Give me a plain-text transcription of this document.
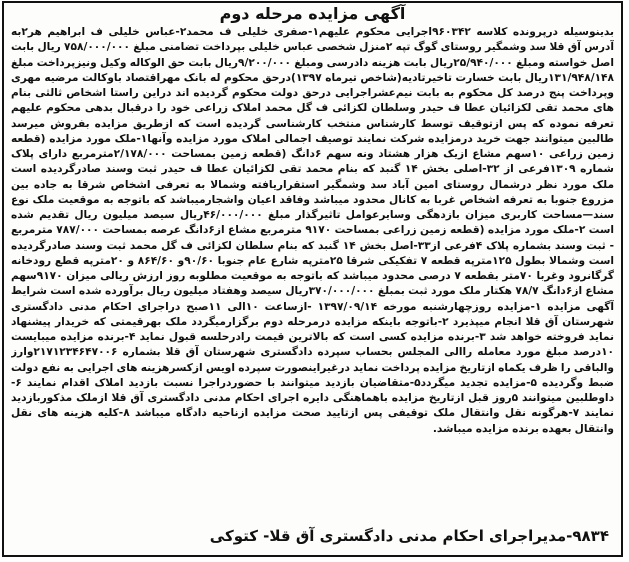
آگهی مزایده مرحله دوم
بدینوسیله درپرونده کلاسه ۹۶۰۳۴۲اجرایی محکوم علیهم۱-صفری خلیلی ف محمد۲-عباس خلیلی ف ابراهیم هر۲به آدرس آق قلا سد وشمگیر روستای گوگ تپه ۲منزل شخصی عباس خلیلی بپرداخت تضامنی مبلغ ۷۵۸/۰۰۰/۰۰۰ ریال بابت اصل خواسته ومبلغ ۲۵/۹۴۰/۰۰۰ریال بابت هزینه دادرسی ومبلغ ۹/۲۰۰/۰۰۰ریال بابت حق الوکاله وکیل ونیزپرداخت مبلغ ۱۳۱/۹۴۸/۱۴۸ریال بابت خسارت تاخیرتادیه(شاخص تیرماه ۱۳۹۷)درحق محکوم له بانک مهراقتصاد باوکالت مرضیه مهری وپرداخت پنج درصد کل محکوم به بابت نیم‌عشراجرایی درحق دولت محکوم گردیده اند دراین راستا اشخاص ثالثی بنام های محمد تقی لکزائیان عطا ف حیدر وسلطان لکزائی ف گل محمد املاک زراعی خود را درقبال بدهی محکوم علیهم تعرفه نموده که پس ازتوقیف توسط کارشناس منتخب کارشناسی گردیده است که ازطریق مزایده بفروش میرسد طالبین میتوانند جهت خرید درمزایده شرکت نمایند توصیف اجمالی املاک مورد مزایده وآنها۱-ملک مورد مزایده (قطعه زمین زراعی ۱۰سهم مشاع ازیک هزار هشتاد ونه سهم ۶دانگ (قطعه زمین بمساحت ۲/۱۷۸/۰۰۰مترمربع دارای پلاک شماره ۱۳۰۹فرعی از ۳۲-اصلی بخش ۱۴ گنبد که بنام محمد تقی لکزائیان عطا ف حیدر ثبت وسند صادرگردیده است ملک مورد نظر درشمال روستای امین آباد سد وشمگیر استقراریافته وشمالا به تعرفی اشخاص شرقا به جاده بین مزروع جنوبا به تعرفه اشخاص غربا به کانال محدود میباشد وفاقد اعیان واشجارمیباشد که باتوجه به موقعیت ملک نوع سند—مساحت کاربری میزان بازدهگی وسایرعوامل تاثیرگذار مبلغ ۴۶/۰۰۰/۰۰۰ریال سیصد میلیون ریال تقدیم شده است ۲-ملک مورد مزایده (قطعه زمین زراعی بمساحت ۹۱۷۰ مترمربع مشاع از۶دانگ عرصه بمساحت ۷۸۷/۰۰۰ مترمربع - ثبت وسند بشماره پلاک ۴فرعی از۳۳-اصل بخش ۱۴ گنبد که بنام سلطان لکزائی ف گل محمد ثبت وسند صادرگردیده است وشمالا بطول ۱۲۵مترپه قطعه ۷ تفکیکی شرقا ۲۵مترپه شارع عام جنوبا ۹۰/۶۰و ۸۶۴/۶۰ و ۲۰مترپه قطع رودخانه گرگانرود وغربا ۷۰متر بقطعه ۷ درصی محدود میباشد که باتوجه به موقعیت مطلوبه روز ارزش ریالی میزان ۹۱۷۰سهم مشاع از۶دانگ ۷۸/۷ هکتار ملک مورد ثبت بمبلغ ۳۷۰/۰۰۰/۰۰۰ریال سیصد وهفتاد میلیون ریال برآورده شده است شرایط آگهی مزایده ۱-مزایده روزچهارشنبه مورخه ۱۳۹۷/۰۹/۱۴ -ازساعت ۱۰الی ۱۱صبح دراجرای احکام مدنی دادگستری شهرستان آق قلا انجام میپذیرد ۲-باتوجه باینکه مزایده درمرحله دوم برگزارمیگردد ملک بهرقیمتی که خریدار پیشنهاد نماید فروخته خواهد شد ۳-برنده مزایده کسی است که بالاترین قیمت رادرحلسه قبول نماید ۴-برنده مزایده میبایست ۱۰درصد مبلغ مورد معامله راالی المجلس بحساب سپرده دادگستری شهرستان آق قلا بشماره ۲۱۷۱۲۳۴۶۴۷۰۰۶وارز والباقی را ظرف یکماه ازتاریخ مزایده پرداخت نماید درغیراینصورت سپرده اویس ازکسرهزینه های اجرایی به نفع دولت ضبط وگردیده ۵-مزایده تجدید میگردد۵-متقاضیان بازدید میتوانند با حضوردراجرا نسبت بازدید املاک اقدام نمایند ۶-داوطلبین میتوانند ۵روز قبل ازتاریخ مزایده باهماهنگی دایره اجرای احکام مدنی دادگستری آق قلا ازملک مذکوربازدید نمایند ۷-هرگونه نقل وانتقال ملک توقیفی پس ازتایید صحت مزایده ازناحیه دادگاه میباشد ۸-کلیه هزینه های نقل وانتقال بعهده برنده مزایده میباشد.
۹۸۳۴-مدیراجرای احکام مدنی دادگستری آق قلا- کتوکی
